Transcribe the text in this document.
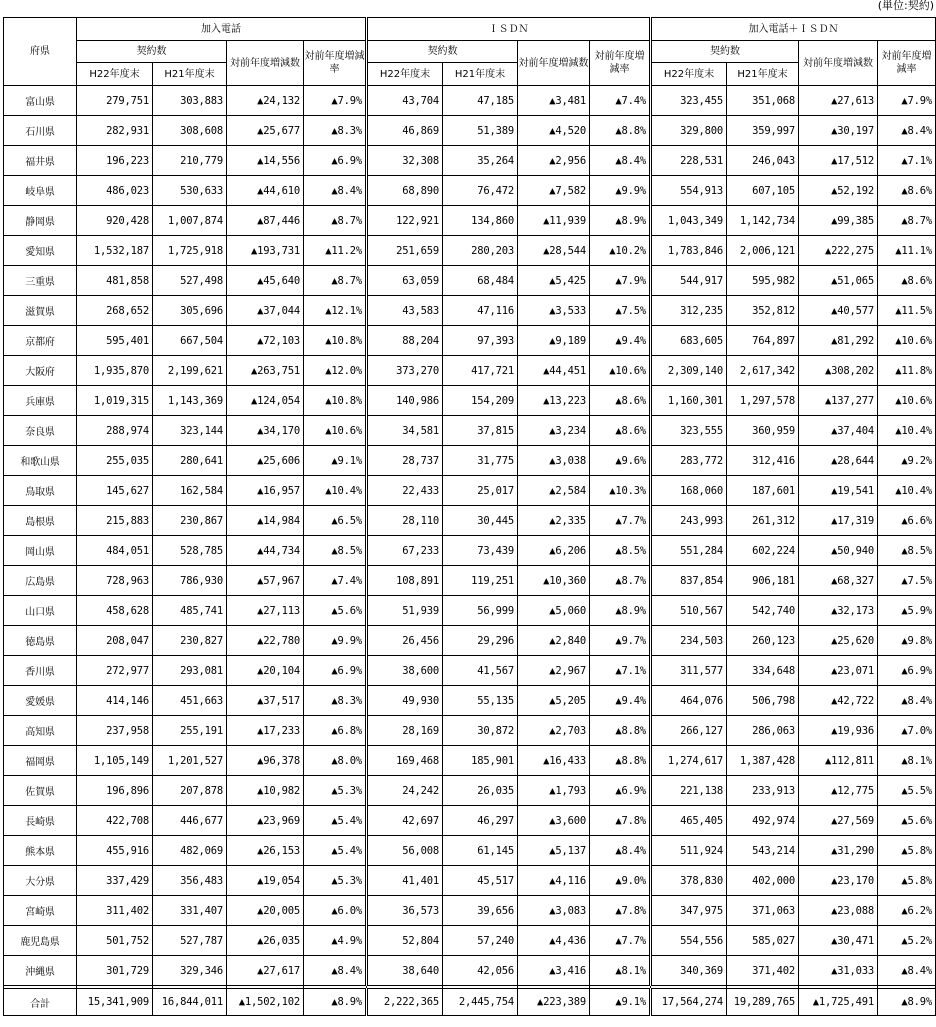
(単位:契約)
府県	加入電話				ＩＳＤＮ				加入電話＋ＩＳＤＮ			
	契約数		対前年度増減数	対前年度増減率	契約数		対前年度増減数	対前年度増減率	契約数		対前年度増減数	対前年度増減率
	H22年度末	H21年度末			H22年度末	H21年度末			H22年度末	H21年度末		
富山県	279,751	303,883	▲24,132	▲7.9%	43,704	47,185	▲3,481	▲7.4%	323,455	351,068	▲27,613	▲7.9%
石川県	282,931	308,608	▲25,677	▲8.3%	46,869	51,389	▲4,520	▲8.8%	329,800	359,997	▲30,197	▲8.4%
福井県	196,223	210,779	▲14,556	▲6.9%	32,308	35,264	▲2,956	▲8.4%	228,531	246,043	▲17,512	▲7.1%
岐阜県	486,023	530,633	▲44,610	▲8.4%	68,890	76,472	▲7,582	▲9.9%	554,913	607,105	▲52,192	▲8.6%
静岡県	920,428	1,007,874	▲87,446	▲8.7%	122,921	134,860	▲11,939	▲8.9%	1,043,349	1,142,734	▲99,385	▲8.7%
愛知県	1,532,187	1,725,918	▲193,731	▲11.2%	251,659	280,203	▲28,544	▲10.2%	1,783,846	2,006,121	▲222,275	▲11.1%
三重県	481,858	527,498	▲45,640	▲8.7%	63,059	68,484	▲5,425	▲7.9%	544,917	595,982	▲51,065	▲8.6%
滋賀県	268,652	305,696	▲37,044	▲12.1%	43,583	47,116	▲3,533	▲7.5%	312,235	352,812	▲40,577	▲11.5%
京都府	595,401	667,504	▲72,103	▲10.8%	88,204	97,393	▲9,189	▲9.4%	683,605	764,897	▲81,292	▲10.6%
大阪府	1,935,870	2,199,621	▲263,751	▲12.0%	373,270	417,721	▲44,451	▲10.6%	2,309,140	2,617,342	▲308,202	▲11.8%
兵庫県	1,019,315	1,143,369	▲124,054	▲10.8%	140,986	154,209	▲13,223	▲8.6%	1,160,301	1,297,578	▲137,277	▲10.6%
奈良県	288,974	323,144	▲34,170	▲10.6%	34,581	37,815	▲3,234	▲8.6%	323,555	360,959	▲37,404	▲10.4%
和歌山県	255,035	280,641	▲25,606	▲9.1%	28,737	31,775	▲3,038	▲9.6%	283,772	312,416	▲28,644	▲9.2%
鳥取県	145,627	162,584	▲16,957	▲10.4%	22,433	25,017	▲2,584	▲10.3%	168,060	187,601	▲19,541	▲10.4%
島根県	215,883	230,867	▲14,984	▲6.5%	28,110	30,445	▲2,335	▲7.7%	243,993	261,312	▲17,319	▲6.6%
岡山県	484,051	528,785	▲44,734	▲8.5%	67,233	73,439	▲6,206	▲8.5%	551,284	602,224	▲50,940	▲8.5%
広島県	728,963	786,930	▲57,967	▲7.4%	108,891	119,251	▲10,360	▲8.7%	837,854	906,181	▲68,327	▲7.5%
山口県	458,628	485,741	▲27,113	▲5.6%	51,939	56,999	▲5,060	▲8.9%	510,567	542,740	▲32,173	▲5.9%
徳島県	208,047	230,827	▲22,780	▲9.9%	26,456	29,296	▲2,840	▲9.7%	234,503	260,123	▲25,620	▲9.8%
香川県	272,977	293,081	▲20,104	▲6.9%	38,600	41,567	▲2,967	▲7.1%	311,577	334,648	▲23,071	▲6.9%
愛媛県	414,146	451,663	▲37,517	▲8.3%	49,930	55,135	▲5,205	▲9.4%	464,076	506,798	▲42,722	▲8.4%
高知県	237,958	255,191	▲17,233	▲6.8%	28,169	30,872	▲2,703	▲8.8%	266,127	286,063	▲19,936	▲7.0%
福岡県	1,105,149	1,201,527	▲96,378	▲8.0%	169,468	185,901	▲16,433	▲8.8%	1,274,617	1,387,428	▲112,811	▲8.1%
佐賀県	196,896	207,878	▲10,982	▲5.3%	24,242	26,035	▲1,793	▲6.9%	221,138	233,913	▲12,775	▲5.5%
長崎県	422,708	446,677	▲23,969	▲5.4%	42,697	46,297	▲3,600	▲7.8%	465,405	492,974	▲27,569	▲5.6%
熊本県	455,916	482,069	▲26,153	▲5.4%	56,008	61,145	▲5,137	▲8.4%	511,924	543,214	▲31,290	▲5.8%
大分県	337,429	356,483	▲19,054	▲5.3%	41,401	45,517	▲4,116	▲9.0%	378,830	402,000	▲23,170	▲5.8%
宮崎県	311,402	331,407	▲20,005	▲6.0%	36,573	39,656	▲3,083	▲7.8%	347,975	371,063	▲23,088	▲6.2%
鹿児島県	501,752	527,787	▲26,035	▲4.9%	52,804	57,240	▲4,436	▲7.7%	554,556	585,027	▲30,471	▲5.2%
沖縄県	301,729	329,346	▲27,617	▲8.4%	38,640	42,056	▲3,416	▲8.1%	340,369	371,402	▲31,033	▲8.4%

合計	15,341,909	16,844,011	▲1,502,102	▲8.9%	2,222,365	2,445,754	▲223,389	▲9.1%	17,564,274	19,289,765	▲1,725,491	▲8.9%
